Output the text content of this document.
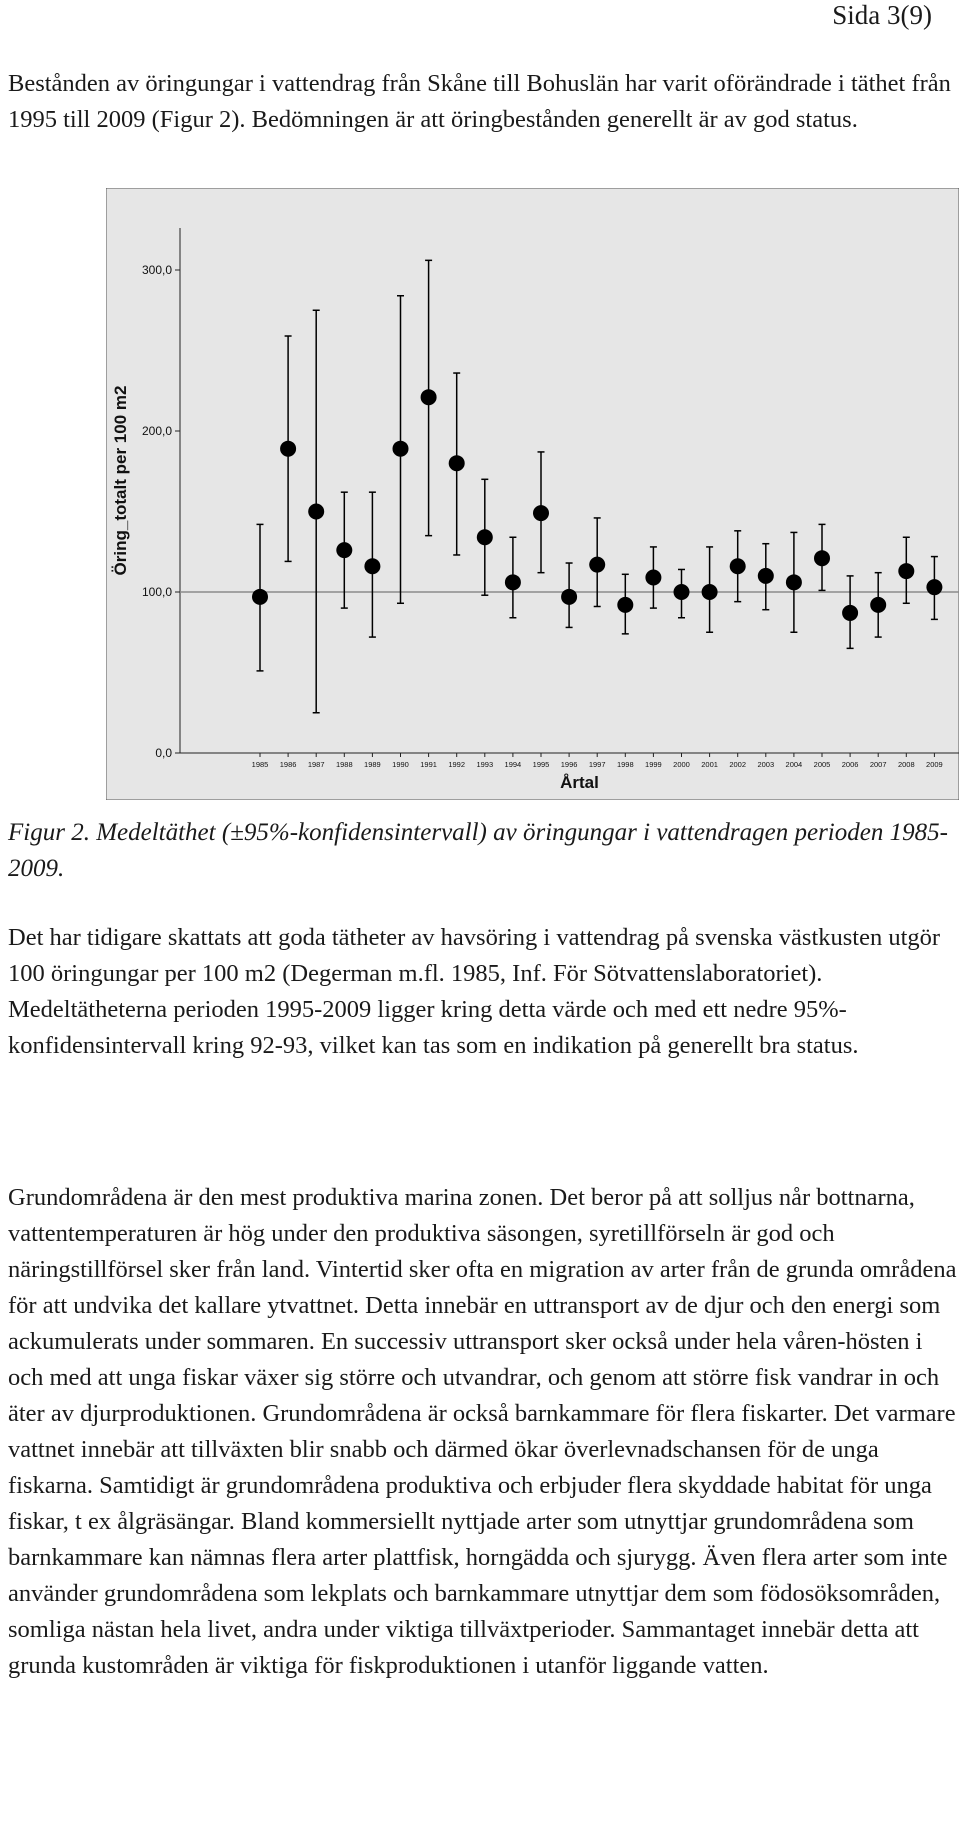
Sida 3(9)

Bestånden av öringungar i vattendrag från Skåne till Bohuslän har varit oförändrade i täthet från 1995 till 2009 (Figur 2). Bedömningen är att öringbestånden generellt är av god status.

0,0
100,0
200,0
300,0
1985 1986 1987 1988 1989 1990 1991 1992 1993 1994 1995 1996 1997 1998 1999 2000 2001 2002 2003 2004 2005 2006 2007 2008 2009
Årtal
Öring_totalt per 100 m2

Figur 2. Medeltäthet (±95%-konfidensintervall) av öringungar i vattendragen perioden 1985-2009.

Det har tidigare skattats att goda tätheter av havsöring i vattendrag på svenska västkusten utgör 100 öringungar per 100 m2 (Degerman m.fl. 1985, Inf. För Sötvattenslaboratoriet). Medeltätheterna perioden 1995-2009 ligger kring detta värde och med ett nedre 95%-konfidensintervall kring 92-93, vilket kan tas som en indikation på generellt bra status.

Grundområdena är den mest produktiva marina zonen. Det beror på att solljus når bottnarna, vattentemperaturen är hög under den produktiva säsongen, syretillförseln är god och näringstillförsel sker från land. Vintertid sker ofta en migration av arter från de grunda områdena för att undvika det kallare ytvattnet. Detta innebär en uttransport av de djur och den energi som ackumulerats under sommaren. En successiv uttransport sker också under hela våren-hösten i och med att unga fiskar växer sig större och utvandrar, och genom att större fisk vandrar in och äter av djurproduktionen. Grundområdena är också barnkammare för flera fiskarter. Det varmare vattnet innebär att tillväxten blir snabb och därmed ökar överlevnadschansen för de unga fiskarna. Samtidigt är grundområdena produktiva och erbjuder flera skyddade habitat för unga fiskar, t ex ålgräsängar. Bland kommersiellt nyttjade arter som utnyttjar grundområdena som barnkammare kan nämnas flera arter plattfisk, horngädda och sjurygg. Även flera arter som inte använder grundområdena som lekplats och barnkammare utnyttjar dem som födosöksområden, somliga nästan hela livet, andra under viktiga tillväxtperioder. Sammantaget innebär detta att grunda kustområden är viktiga för fiskproduktionen i utanför liggande vatten.
